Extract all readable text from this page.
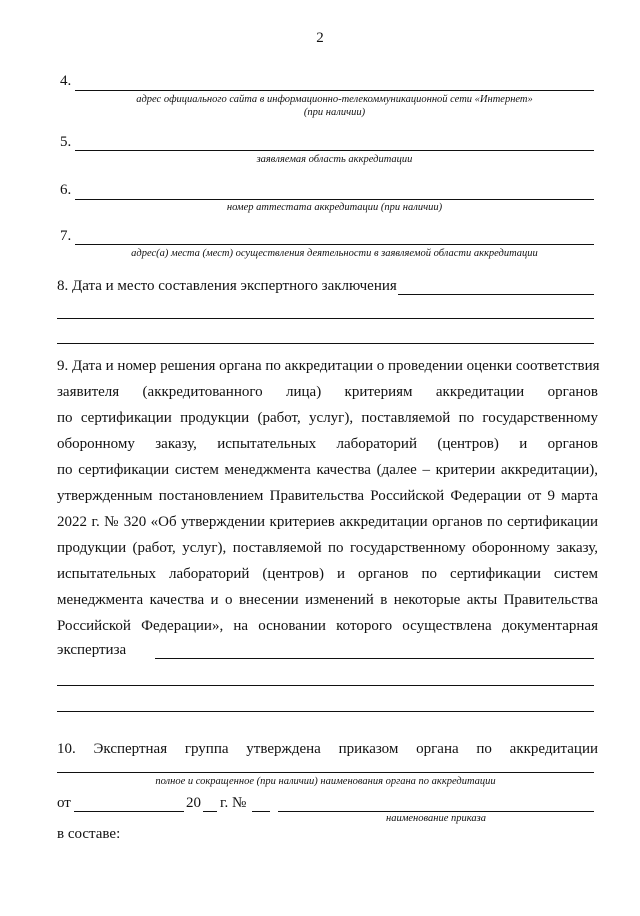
2
4.
адрес официального сайта в информационно-телекоммуникационной сети «Интернет»
(при наличии)
5.
заявляемая область аккредитации
6.
номер аттестата аккредитации (при наличии)
7.
адрес(а) места (мест) осуществления деятельности в заявляемой области аккредитации
8. Дата и место составления экспертного заключения
9. Дата и номер решения органа по аккредитации о проведении оценки соответствия
заявителя (аккредитованного лица) критериям аккредитации органов
по сертификации продукции (работ, услуг), поставляемой по государственному
оборонному заказу, испытательных лабораторий (центров) и органов
по сертификации систем менеджмента качества (далее – критерии аккредитации),
утвержденным постановлением Правительства Российской Федерации от 9 марта
2022 г. № 320 «Об утверждении критериев аккредитации органов по сертификации
продукции (работ, услуг), поставляемой по государственному оборонному заказу,
испытательных лабораторий (центров) и органов по сертификации систем
менеджмента качества и о внесении изменений в некоторые акты Правительства
Российской Федерации», на основании которого осуществлена документарная
экспертиза
10. Экспертная группа утверждена приказом органа по аккредитации
полное и сокращенное (при наличии) наименования органа по аккредитации
от	20 г. №
наименование приказа
в составе:
